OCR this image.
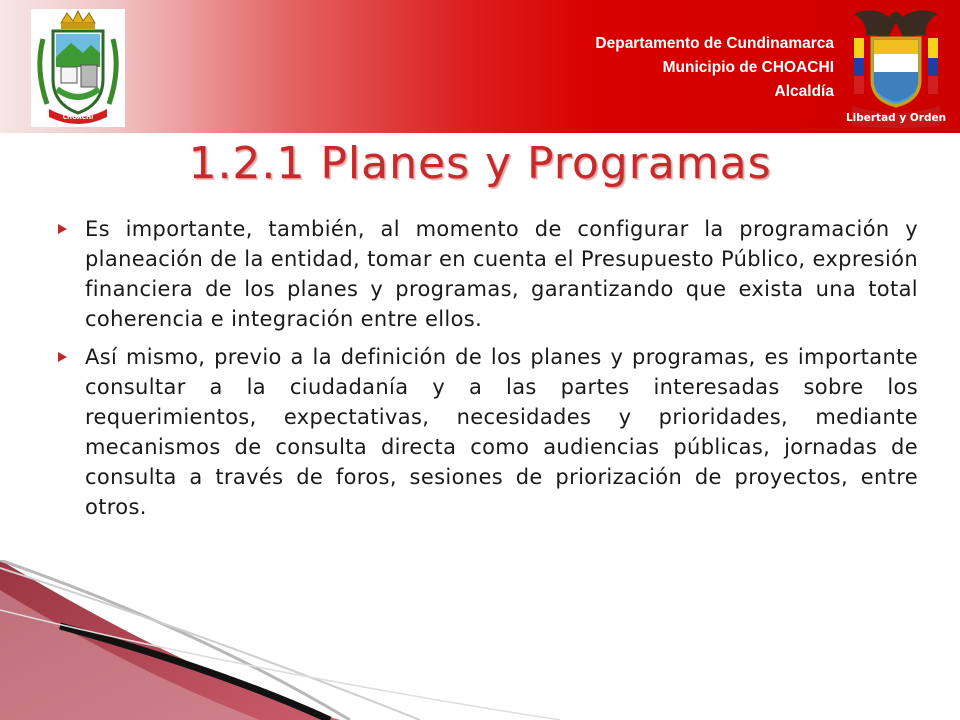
CHOACHI
Departamento de Cundinamarca
Municipio de CHOACHI
Alcaldía
Libertad y Orden
1.2.1 Planes y Programas
Es importante, también, al momento de configurar la programación y planeación de la entidad, tomar en cuenta el Presupuesto Público, expresión financiera de los planes y programas, garantizando que exista una total coherencia e integración entre ellos.
Así mismo, previo a la definición de los planes y programas, es importante consultar a la ciudadanía y a las partes interesadas sobre los requerimientos, expectativas, necesidades y prioridades, mediante mecanismos de consulta directa como audiencias públicas, jornadas de consulta a través de foros, sesiones de priorización de proyectos, entre otros.
